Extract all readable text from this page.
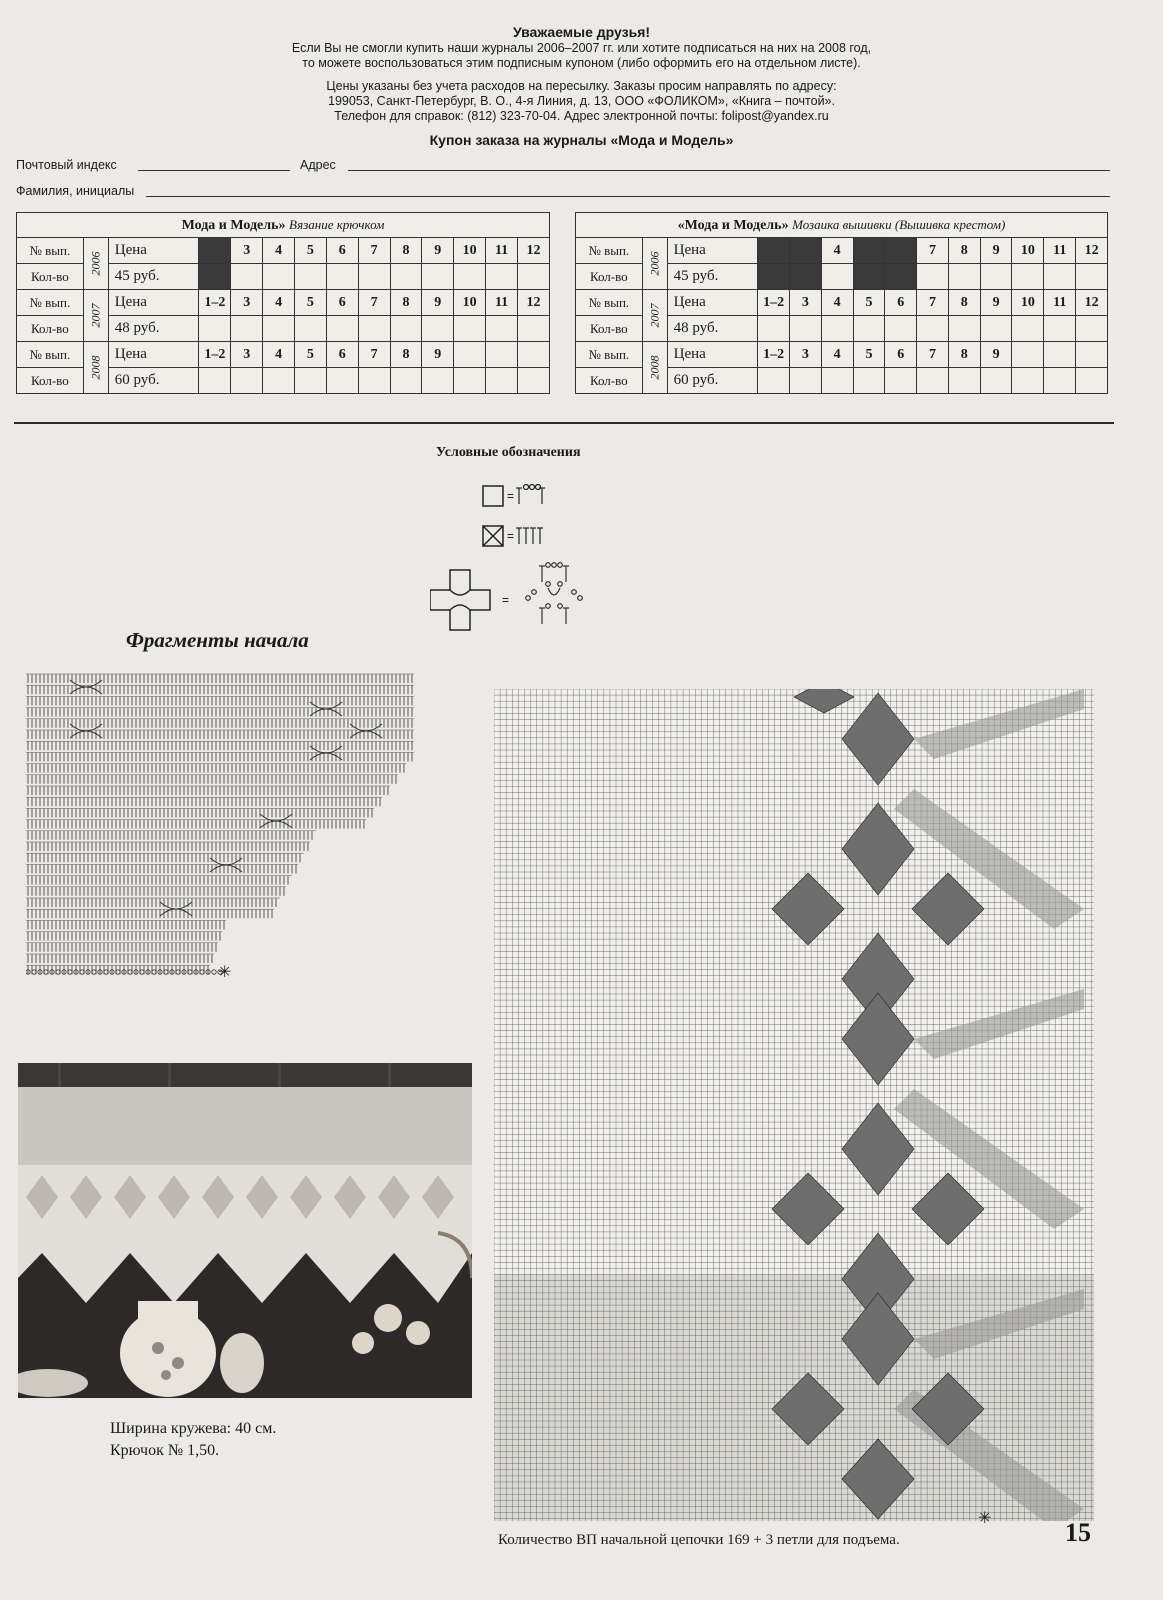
Уважаемые друзья!
Если Вы не смогли купить наши журналы 2006–2007 гг. или хотите подписаться на них на 2008 год,
то можете воспользоваться этим подписным купоном (либо оформить его на отдельном листе).
Цены указаны без учета расходов на пересылку. Заказы просим направлять по адресу:
199053, Санкт-Петербург, В. О., 4-я Линия, д. 13, ООО «ФОЛИКОМ», «Книга – почтой».
Телефон для справок: (812) 323-70-04. Адрес электронной почты: folipost@yandex.ru
Купон заказа на журналы «Мода и Модель»
Почтовый индекс	Адрес
Фамилия, инициалы
Мода и Модель» Вязание крючком													
№ вып.	2006	Цена		3	4	5	6	7	8	9	10	11	12
Кол-во		45 руб.											
№ вып.	2007	Цена	1–2	3	4	5	6	7	8	9	10	11	12
Кол-во		48 руб.											
№ вып.	2008	Цена	1–2	3	4	5	6	7	8	9			
Кол-во		60 руб.											
«Мода и Модель» Мозаика вышивки (Вышивка крестом)													
№ вып.	2006	Цена			4			7	8	9	10	11	12
Кол-во		45 руб.											
№ вып.	2007	Цена	1–2	3	4	5	6	7	8	9	10	11	12
Кол-во		48 руб.											
№ вып.	2008	Цена	1–2	3	4	5	6	7	8	9			
Кол-во		60 руб.											
Условные обозначения
=
=
=
Фрагменты начала
✳
Ширина кружева: 40 см.
Крючок № 1,50.
✳
Количество ВП начальной цепочки 169 + 3 петли для подъема.	15
